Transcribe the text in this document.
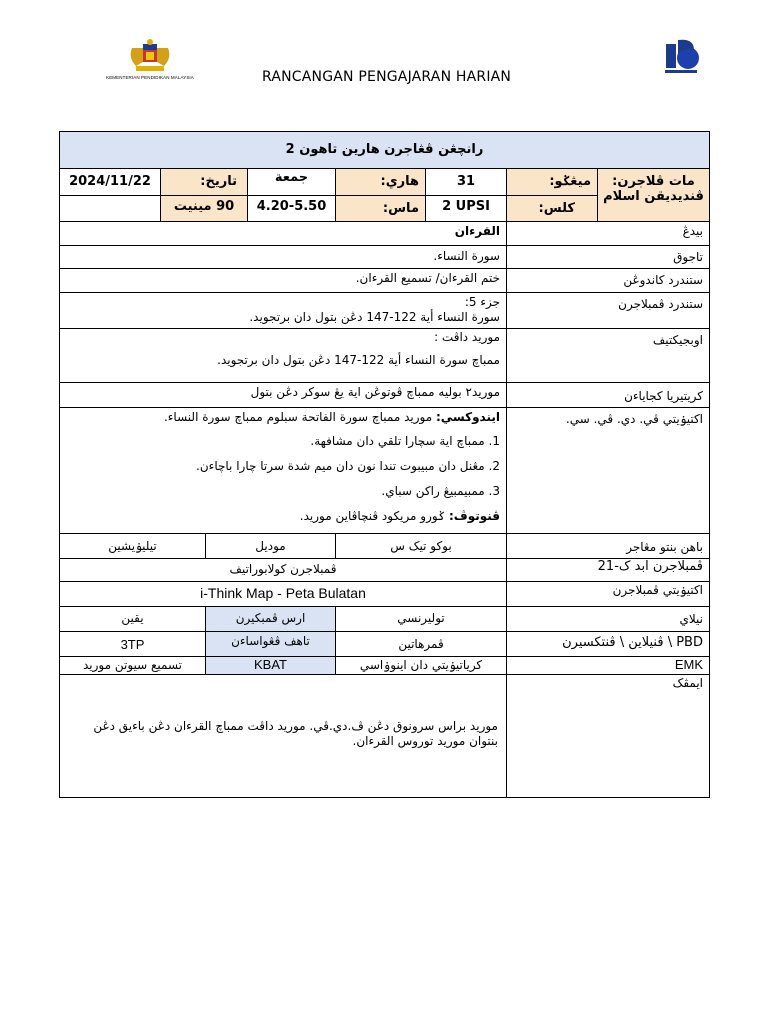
KEMENTERIAN PENDIDIKAN MALAYSIA	RANCANGAN PENGAJARAN HARIAN
رانچڠن ڤڠاجرن هارين تاهون 2
مات ڤلاجرن:
ڤنديديقن اسلام
ميڠݢو:
31
هاري:
جمعة
تاريخ:
2024/11/22
کلس:
2 UPSI
ماس:
4.20-5.50
90 مينيت
بيدڠ
القرءان
تاجوق
سورة النساء.
ستندرد کاندوڠن
ختم القرءان/ تسميع القرءان.
ستندرد ڤمبلاجرن
جزء 5:
سورة النساء أية 122-147 دڠن بتول دان برتجويد.
اوبجيکتيف
موريد داڤت :
ممباچ سورة النساء أية 122-147 دڠن بتول دان برتجويد.
کريتيريا کجاياءن
موريد٢ بوليه ممباچ ڤوتوڠن اية يڠ سوکر دڠن بتول
اکتيۏيتي ڤي. دي. ڤي. سي.
ايندوکسي: موريد ممباچ سورة الفاتحة سبلوم ممباچ سورة النساء.
1. ممباچ اية سچارا تلقي دان مشافهة.
2. مڠنل دان مبيبوت تندا نون دان ميم شدة سرتا چارا باچاءن.
3. ممبيمبيڠ راکن سباي.
ڤنوتوڤ: ݢورو مريکود ڤنچاڤاين موريد.
باهن بنتو مڠاجر
بوکو تيک س
موديل
تيليۏيشين
ڤمبلاجرن ابد ک-21
ڤمبلاجرن کولابوراتيف
اکتيۏيتي ڤمبلاجرن
i-Think Map - Peta Bulatan
نيلاي
توليرنسي
ارس ڤمبکيرن
يقين
PBD \ ڤنيلاين \ ڤنتکسيرن
ڤمرهاتين
تاهف ڤڠواساءن
3TP
EMK
کرياتيۏيتي دان اينوۏاسي
KBAT
تسميع سيوتن موريد
ايمڤک
موريد براس سرونوق دڠن ڤ.دي.ڤي. موريد داڤت ممباچ القرءان دڠن باءيق دڠن
بنتوان موريد توروس القرءان.
